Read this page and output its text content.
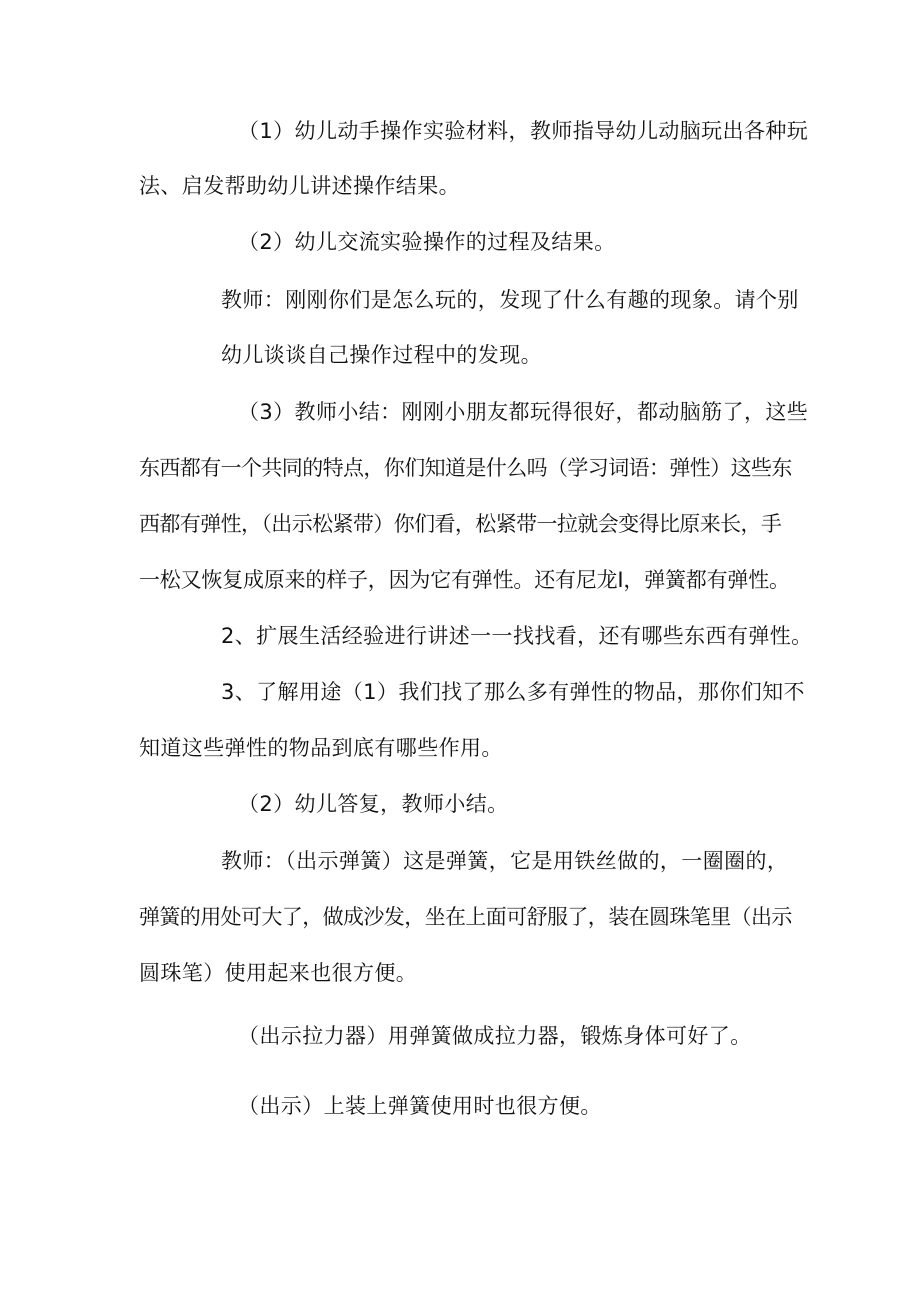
（1）幼儿动手操作实验材料，教师指导幼儿动脑玩出各种玩
法、启发帮助幼儿讲述操作结果。
（2）幼儿交流实验操作的过程及结果。
教师：刚刚你们是怎么玩的，发现了什么有趣的现象。请个别
幼儿谈谈自己操作过程中的发现。
（3）教师小结：刚刚小朋友都玩得很好，都动脑筋了，这些
东西都有一个共同的特点，你们知道是什么吗（学习词语：弹性）这些东
西都有弹性，（出示松紧带）你们看，松紧带一拉就会变得比原来长，手
一松又恢复成原来的样子，因为它有弹性。还有尼龙Ⅰ，弹簧都有弹性。
2、扩展生活经验进行讲述一一找找看，还有哪些东西有弹性。
3、了解用途（1）我们找了那么多有弹性的物品，那你们知不
知道这些弹性的物品到底有哪些作用。
（2）幼儿答复，教师小结。
教师：（出示弹簧）这是弹簧，它是用铁丝做的，一圈圈的，
弹簧的用处可大了，做成沙发，坐在上面可舒服了，装在圆珠笔里（出示
圆珠笔）使用起来也很方便。
（出示拉力器）用弹簧做成拉力器，锻炼身体可好了。
（出示）上装上弹簧使用时也很方便。
